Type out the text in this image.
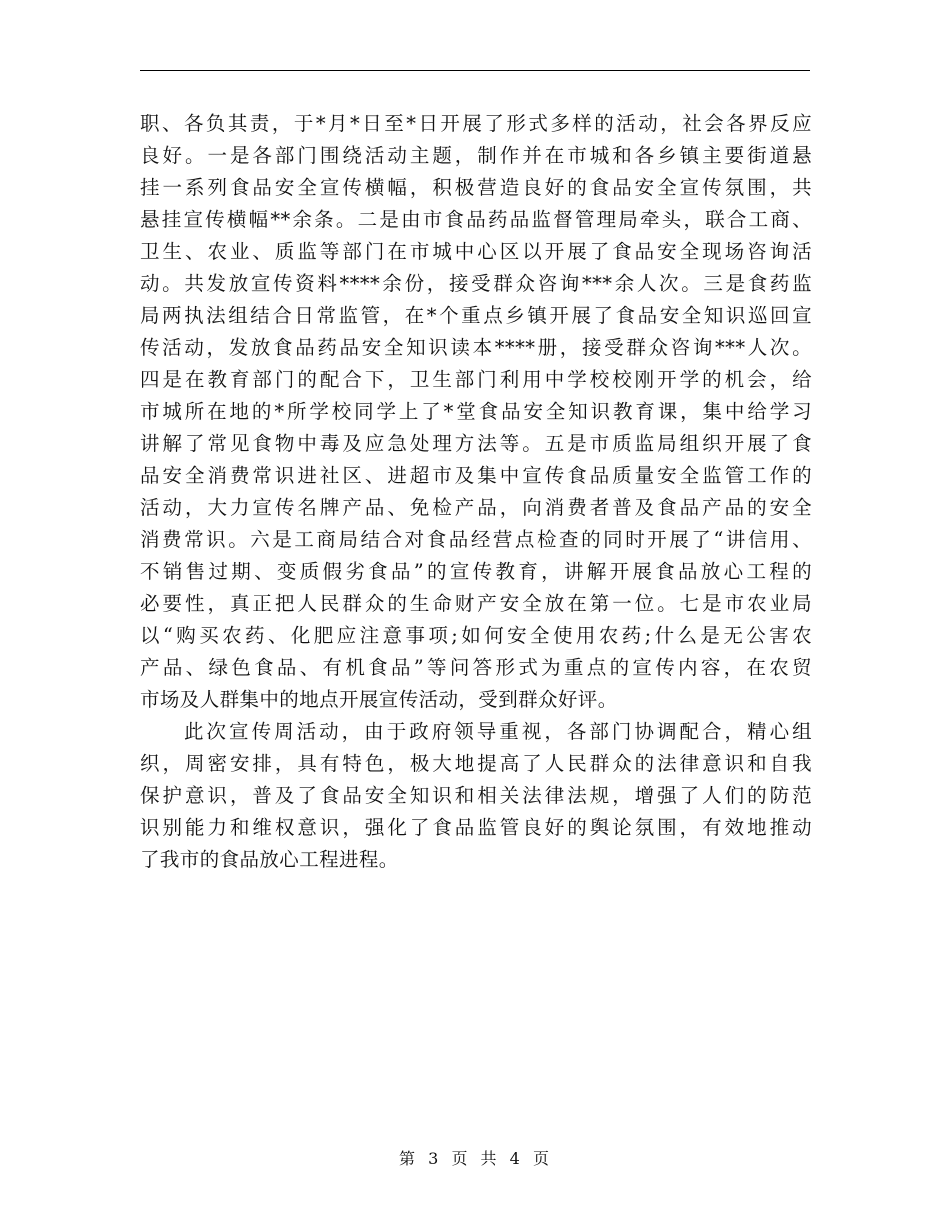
职、各负其责，于*月*日至*日开展了形式多样的活动，社会各界反应
良好。一是各部门围绕活动主题，制作并在市城和各乡镇主要街道悬
挂一系列食品安全宣传横幅，积极营造良好的食品安全宣传氛围，共
悬挂宣传横幅**余条。二是由市食品药品监督管理局牵头，联合工商、
卫生、农业、质监等部门在市城中心区以开展了食品安全现场咨询活
动。共发放宣传资料****余份，接受群众咨询***余人次。三是食药监
局两执法组结合日常监管，在*个重点乡镇开展了食品安全知识巡回宣
传活动，发放食品药品安全知识读本****册，接受群众咨询***人次。
四是在教育部门的配合下，卫生部门利用中学校校刚开学的机会，给
市城所在地的*所学校同学上了*堂食品安全知识教育课，集中给学习
讲解了常见食物中毒及应急处理方法等。五是市质监局组织开展了食
品安全消费常识进社区、进超市及集中宣传食品质量安全监管工作的
活动，大力宣传名牌产品、免检产品，向消费者普及食品产品的安全
消费常识。六是工商局结合对食品经营点检查的同时开展了“讲信用、
不销售过期、变质假劣食品”的宣传教育，讲解开展食品放心工程的
必要性，真正把人民群众的生命财产安全放在第一位。七是市农业局
以“购买农药、化肥应注意事项;如何安全使用农药;什么是无公害农
产品、绿色食品、有机食品”等问答形式为重点的宣传内容，在农贸
市场及人群集中的地点开展宣传活动，受到群众好评。
此次宣传周活动，由于政府领导重视，各部门协调配合，精心组
织，周密安排，具有特色，极大地提高了人民群众的法律意识和自我
保护意识，普及了食品安全知识和相关法律法规，增强了人们的防范
识别能力和维权意识，强化了食品监管良好的舆论氛围，有效地推动
了我市的食品放心工程进程。
第 3 页 共 4 页
